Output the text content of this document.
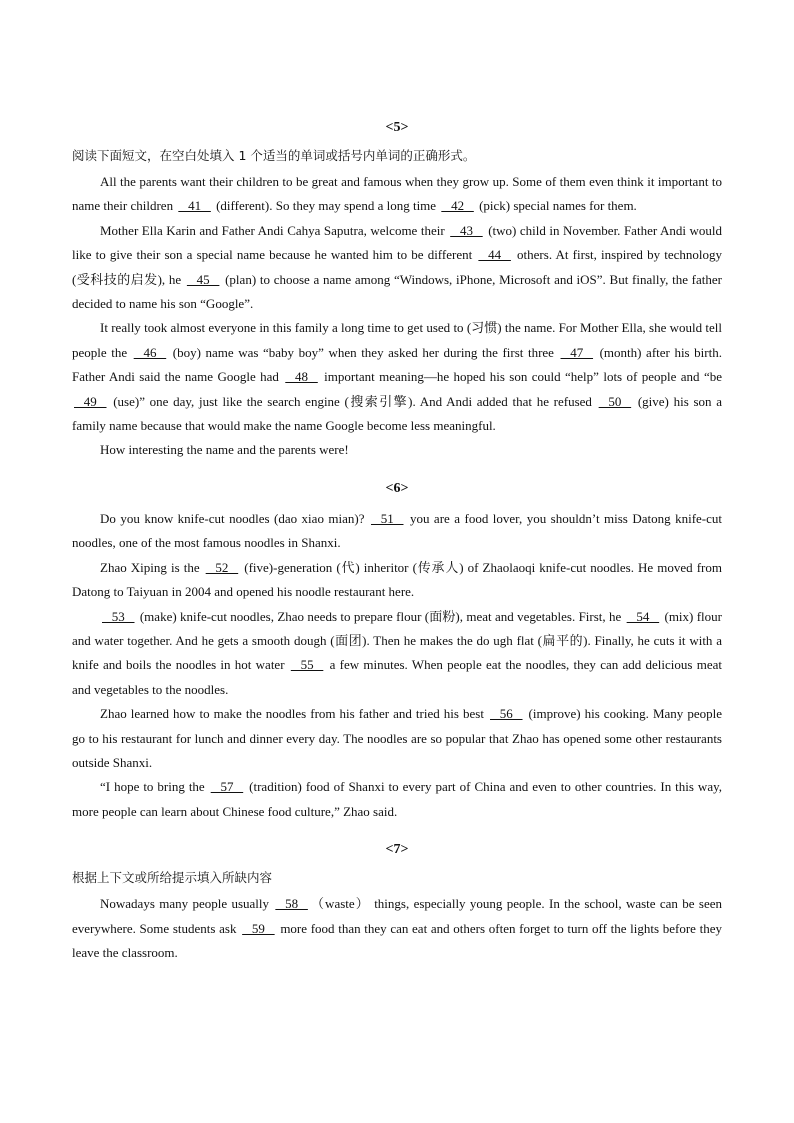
<5>
阅读下面短文，在空白处填入 1 个适当的单词或括号内单词的正确形式。

All the parents want their children to be great and famous when they grow up. Some of them even think it important to name their children    41    (different). So they may spend a long time    42    (pick) special names for them.

Mother Ella Karin and Father Andi Cahya Saputra, welcome their    43    (two) child in November. Father Andi would like to give their son a special name because he wanted him to be different    44    others. At first, inspired by technology (受科技的启发), he    45    (plan) to choose a name among “Windows, iPhone, Microsoft and iOS”. But finally, the father decided to name his son “Google”.

It really took almost everyone in this family a long time to get used to (习惯) the name. For Mother Ella, she would tell people the    46    (boy) name was “baby boy” when they asked her during the first three    47    (month) after his birth. Father Andi said the name Google had    48    important meaning—he hoped his son could “help” lots of people and “be    49    (use)” one day, just like the search engine (搜索引擎). And Andi added that he refused    50    (give) his son a family name because that would make the name Google become less meaningful.

How interesting the name and the parents were!

<6>

Do you know knife-cut noodles (dao xiao mian)?    51    you are a food lover, you shouldn’t miss Datong knife-cut noodles, one of the most famous noodles in Shanxi.

Zhao Xiping is the    52    (five)-generation (代) inheritor (传承人) of Zhaolaoqi knife-cut noodles. He moved from Datong to Taiyuan in 2004 and opened his noodle restaurant here.

53    (make) knife-cut noodles, Zhao needs to prepare flour (面粉), meat and vegetables. First, he    54    (mix) flour and water together. And he gets a smooth dough (面团). Then he makes the do ugh flat (扁平的). Finally, he cuts it with a knife and boils the noodles in hot water    55    a few minutes. When people eat the noodles, they can add delicious meat and vegetables to the noodles.

Zhao learned how to make the noodles from his father and tried his best    56    (improve) his cooking. Many people go to his restaurant for lunch and dinner every day. The noodles are so popular that Zhao has opened some other restaurants outside Shanxi.

“I hope to bring the    57    (tradition) food of Shanxi to every part of China and even to other countries. In this way, more people can learn about Chinese food culture,” Zhao said.

<7>
根据上下文或所给提示填入所缺内容

Nowadays many people usually    58   （waste） things, especially young people. In the school, waste can be seen everywhere. Some students ask    59    more food than they can eat and others often forget to turn off the lights before they leave the classroom.
